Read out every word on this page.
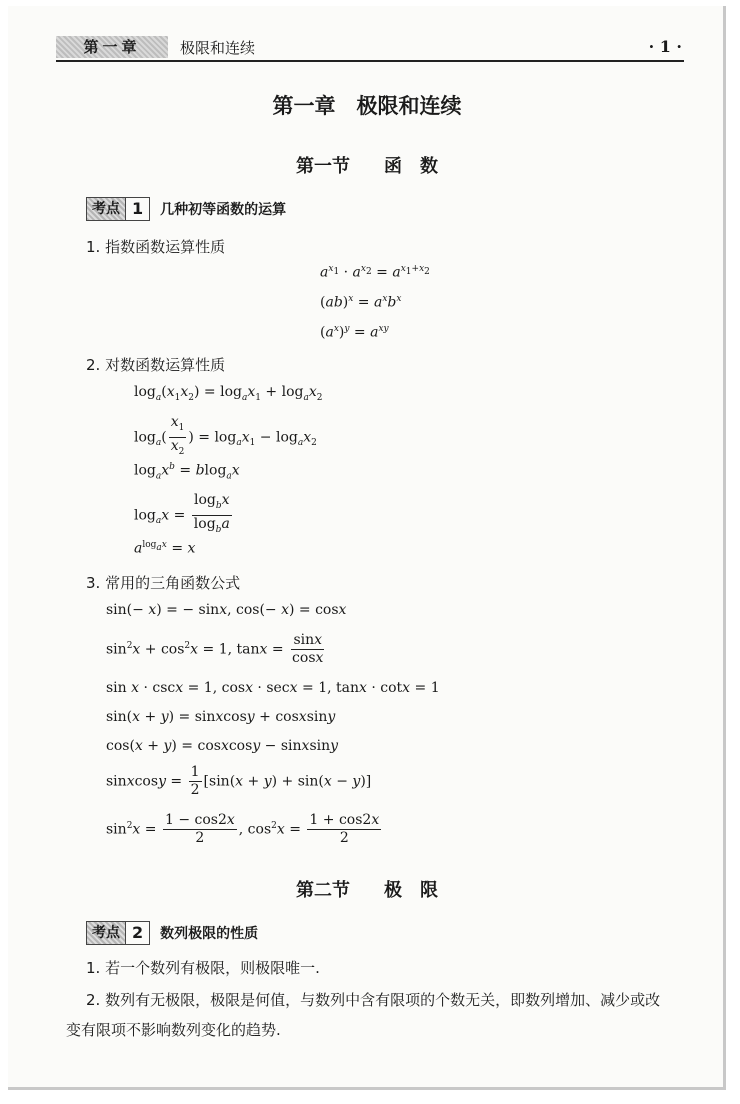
第一章	极限和连续	· 1 ·
第一章　极限和连续
第一节 函　数
考点 1	几种初等函数的运算
1. 指数函数运算性质
$a^{x_1} \cdot a^{x_2} = a^{x_1+x_2}$
$(ab)^x = a^xb^x$
$(a^x)^y = a^{xy}$
2. 对数函数运算性质
$\log_a(x_1x_2) = \log_ax_1 + \log_ax_2$
$\log_a( \frac{x_1}{x_2}$ ) = $\log_ax_1 - \log_ax_2$
$\log_ax^b = blog_ax$
$\log_ax = \frac{\log_bx}{\log_ba}$
$a^{log_ax} = x$
3. 常用的三角函数公式
sin(− x) = − sinx, cos(− x) = cosx
$\sin^2x + \cos^2x = 1$, $\tan x = \frac{\sin x}{\cos x}$
sin x · cscx = 1, cosx · secx = 1, tanx · cotx = 1
sin(x + y) = sinxcosy + cosxsiny
cos(x + y) = cosxcosy − sinxsiny
sinxcosy = $\frac{1}{2} [\sin(x + y) + \sin(x - y)]$
$\sin^2x = \frac{1 - \cos 2x}{2}$ , $\cos^2x = \frac{1 + \cos 2x}{2}$
第二节 极　限
考点 2	数列极限的性质
1. 若一个数列有极限，则极限唯一.
2. 数列有无极限，极限是何值，与数列中含有限项的个数无关，即数列增加、减少或改
变有限项不影响数列变化的趋势.
